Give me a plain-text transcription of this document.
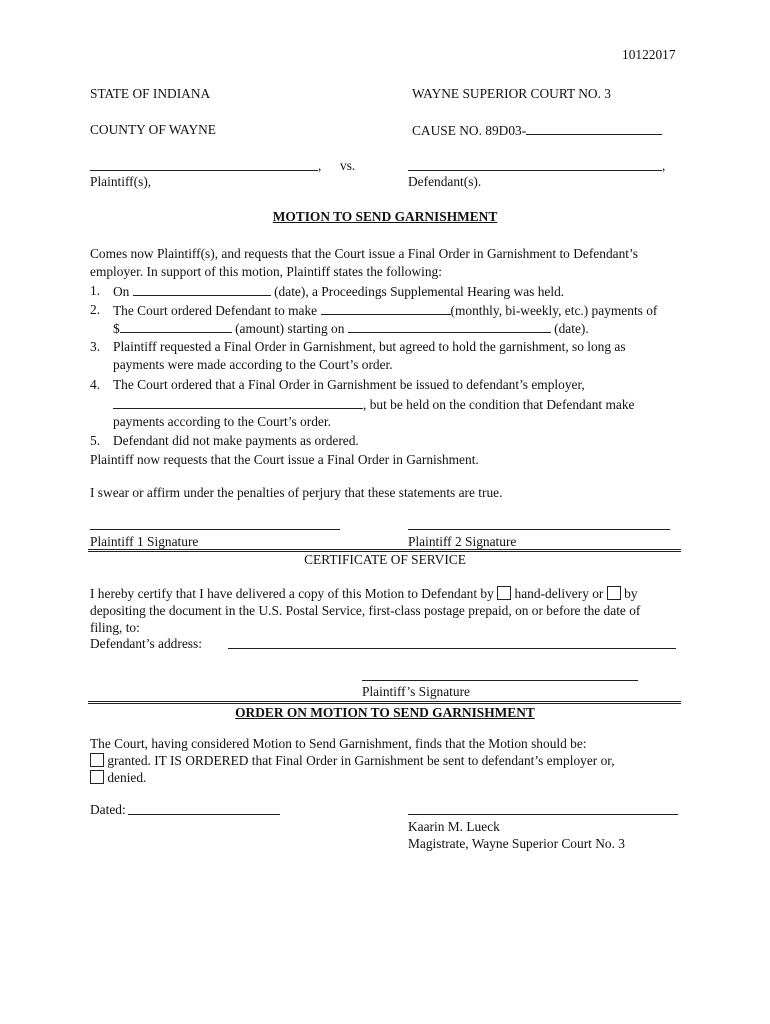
10122017
STATE OF INDIANA	WAYNE SUPERIOR COURT NO. 3
COUNTY OF WAYNE	CAUSE NO. 89D03-
, vs.	,
Plaintiff(s),	Defendant(s).
MOTION TO SEND GARNISHMENT
Comes now Plaintiff(s), and requests that the Court issue a Final Order in Garnishment to Defendant’s
employer. In support of this motion, Plaintiff states the following:
1. On	(date), a Proceedings Supplemental Hearing was held.
2. The Court ordered Defendant to make	(monthly, bi-weekly, etc.) payments of
$	(amount) starting on	(date).
3. Plaintiff requested a Final Order in Garnishment, but agreed to hold the garnishment, so long as
payments were made according to the Court’s order.
4. The Court ordered that a Final Order in Garnishment be issued to defendant’s employer,
, but be held on the condition that Defendant make
payments according to the Court’s order.
5. Defendant did not make payments as ordered.
Plaintiff now requests that the Court issue a Final Order in Garnishment.
I swear or affirm under the penalties of perjury that these statements are true.
Plaintiff 1 Signature	Plaintiff 2 Signature
CERTIFICATE OF SERVICE
I hereby certify that I have delivered a copy of this Motion to Defendant by hand-delivery or by
depositing the document in the U.S. Postal Service, first-class postage prepaid, on or before the date of
filing, to:
Defendant’s address:
Plaintiff’s Signature
ORDER ON MOTION TO SEND GARNISHMENT
The Court, having considered Motion to Send Garnishment, finds that the Motion should be:
granted. IT IS ORDERED that Final Order in Garnishment be sent to defendant’s employer or,
denied.
Dated:
Kaarin M. Lueck
Magistrate, Wayne Superior Court No. 3
